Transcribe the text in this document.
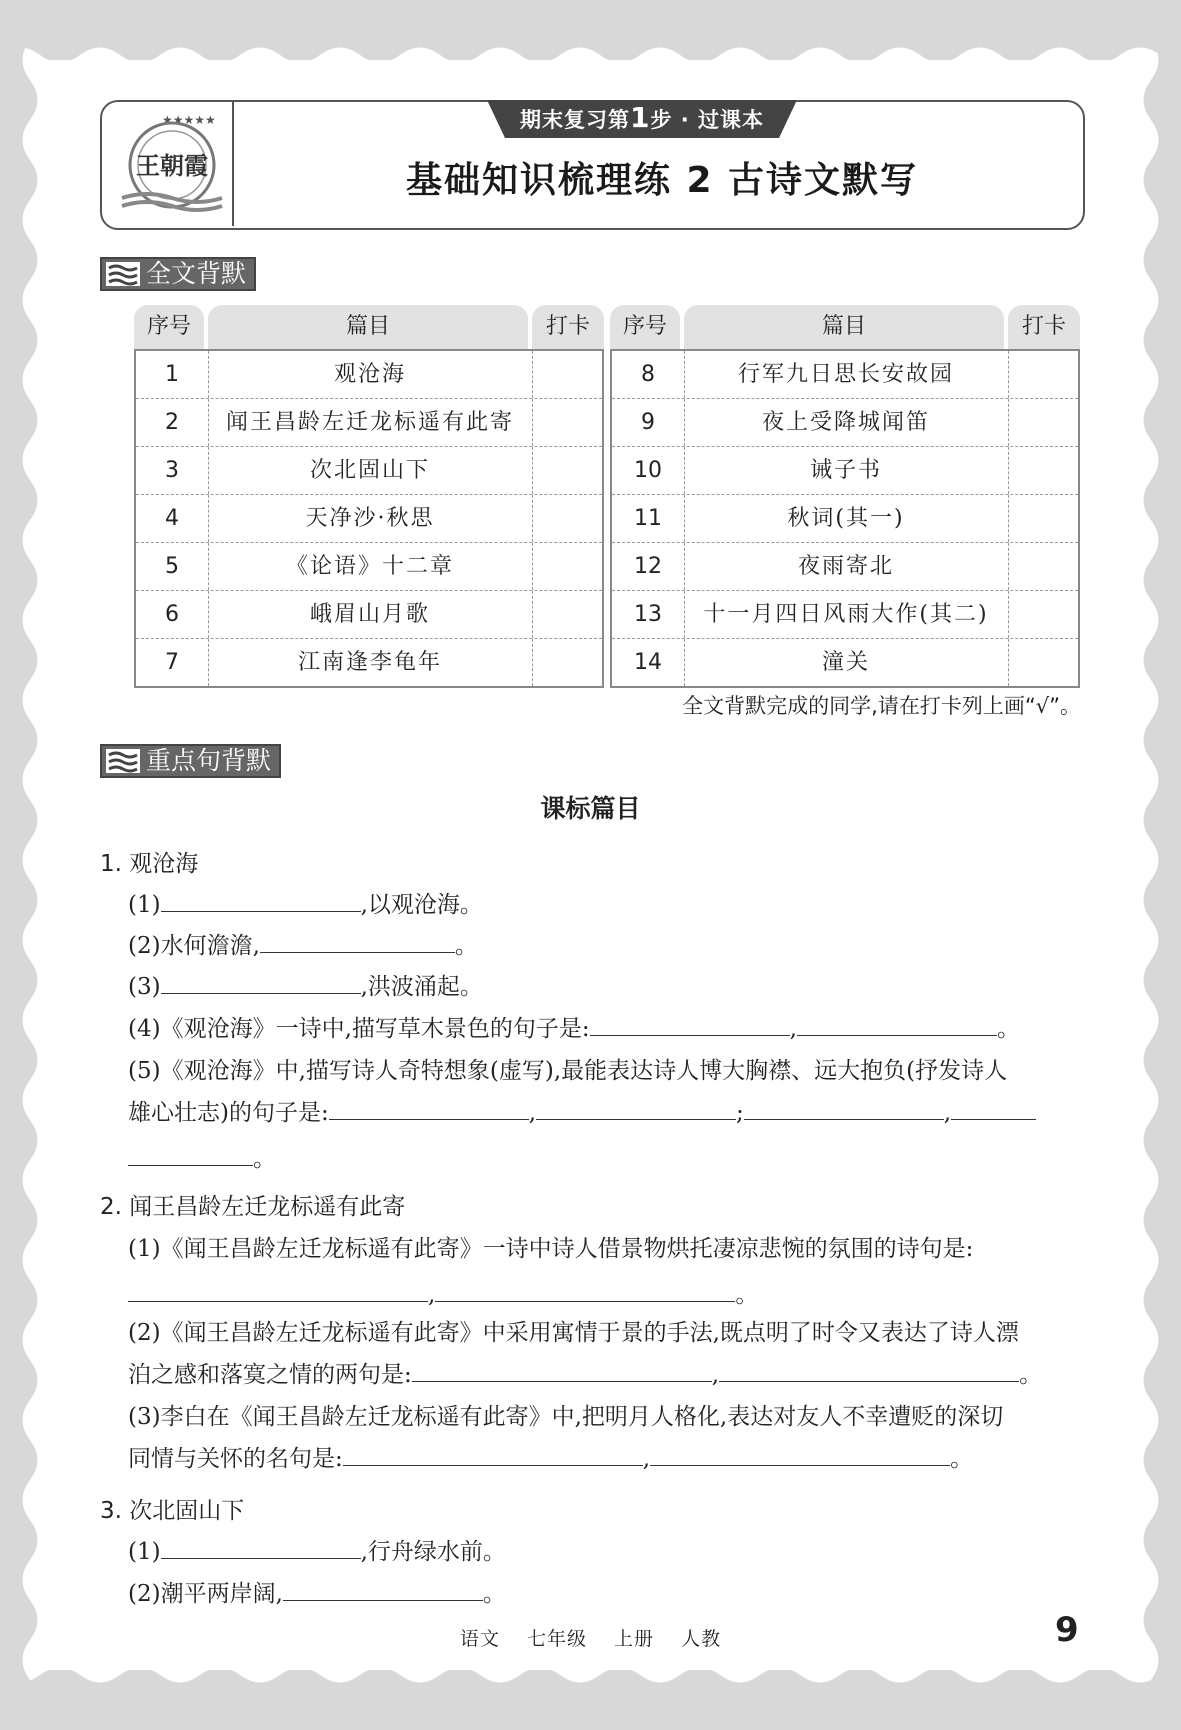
★★★★★
王朝霞
期末复习第1步 · 过课本
基础知识梳理练 2 古诗文默写
全文背默
序号	篇目	打卡
1	观沧海
2	闻王昌龄左迁龙标遥有此寄
3	次北固山下
4	天净沙·秋思
5	《论语》十二章
6	峨眉山月歌
7	江南逢李龟年
序号	篇目	打卡
8	行军九日思长安故园
9	夜上受降城闻笛
10	诫子书
11	秋词(其一)
12	夜雨寄北
13	十一月四日风雨大作(其二)
14	潼关
全文背默完成的同学,请在打卡列上画“√”。
重点句背默
课标篇目
1. 观沧海
(1)	,以观沧海。
(2)水何澹澹,	。
(3)	,洪波涌起。
(4)《观沧海》一诗中,描写草木景色的句子是:	,	。
(5)《观沧海》中,描写诗人奇特想象(虚写),最能表达诗人博大胸襟、远大抱负(抒发诗人
雄心壮志)的句子是:	,	;	,
。
2. 闻王昌龄左迁龙标遥有此寄
(1)《闻王昌龄左迁龙标遥有此寄》一诗中诗人借景物烘托凄凉悲惋的氛围的诗句是:
,	。
(2)《闻王昌龄左迁龙标遥有此寄》中采用寓情于景的手法,既点明了时令又表达了诗人漂
泊之感和落寞之情的两句是:	,	。
(3)李白在《闻王昌龄左迁龙标遥有此寄》中,把明月人格化,表达对友人不幸遭贬的深切
同情与关怀的名句是:	,	。
3. 次北固山下
(1)	,行舟绿水前。
(2)潮平两岸阔,	。
语文 七年级 上册 人教	9
